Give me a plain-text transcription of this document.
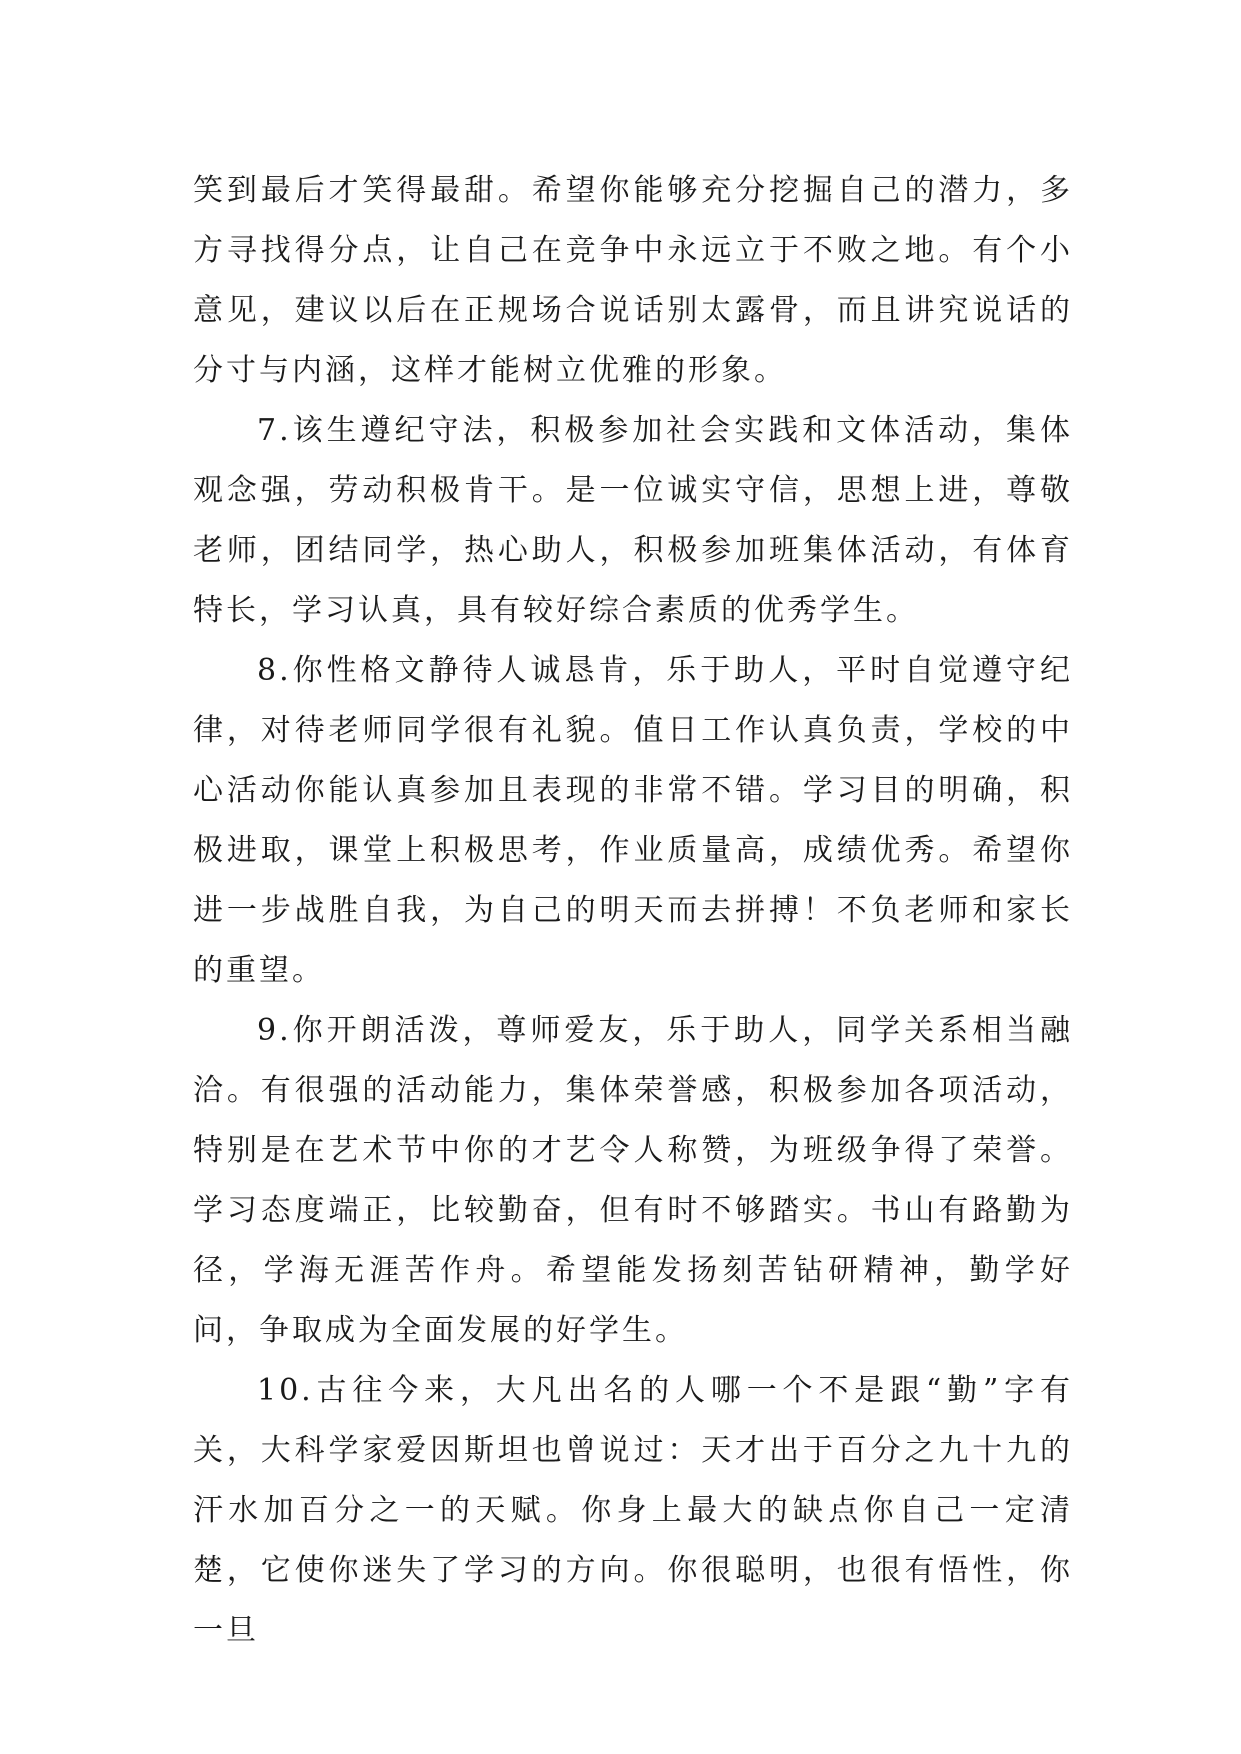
笑到最后才笑得最甜。希望你能够充分挖掘自己的潜力，多方寻找得分点，让自己在竞争中永远立于不败之地。有个小意见，建议以后在正规场合说话别太露骨，而且讲究说话的分寸与内涵，这样才能树立优雅的形象。

7.该生遵纪守法，积极参加社会实践和文体活动，集体观念强，劳动积极肯干。是一位诚实守信，思想上进，尊敬老师，团结同学，热心助人，积极参加班集体活动，有体育特长，学习认真，具有较好综合素质的优秀学生。

8.你性格文静待人诚恳肯，乐于助人，平时自觉遵守纪律，对待老师同学很有礼貌。值日工作认真负责，学校的中心活动你能认真参加且表现的非常不错。学习目的明确，积极进取，课堂上积极思考，作业质量高，成绩优秀。希望你进一步战胜自我，为自己的明天而去拼搏！不负老师和家长的重望。

9.你开朗活泼，尊师爱友，乐于助人，同学关系相当融洽。有很强的活动能力，集体荣誉感，积极参加各项活动，特别是在艺术节中你的才艺令人称赞，为班级争得了荣誉。学习态度端正，比较勤奋，但有时不够踏实。书山有路勤为径，学海无涯苦作舟。希望能发扬刻苦钻研精神，勤学好问，争取成为全面发展的好学生。

10.古往今来，大凡出名的人哪一个不是跟“勤”字有关，大科学家爱因斯坦也曾说过：天才出于百分之九十九的汗水加百分之一的天赋。你身上最大的缺点你自己一定清楚，它使你迷失了学习的方向。你很聪明，也很有悟性，你一旦
